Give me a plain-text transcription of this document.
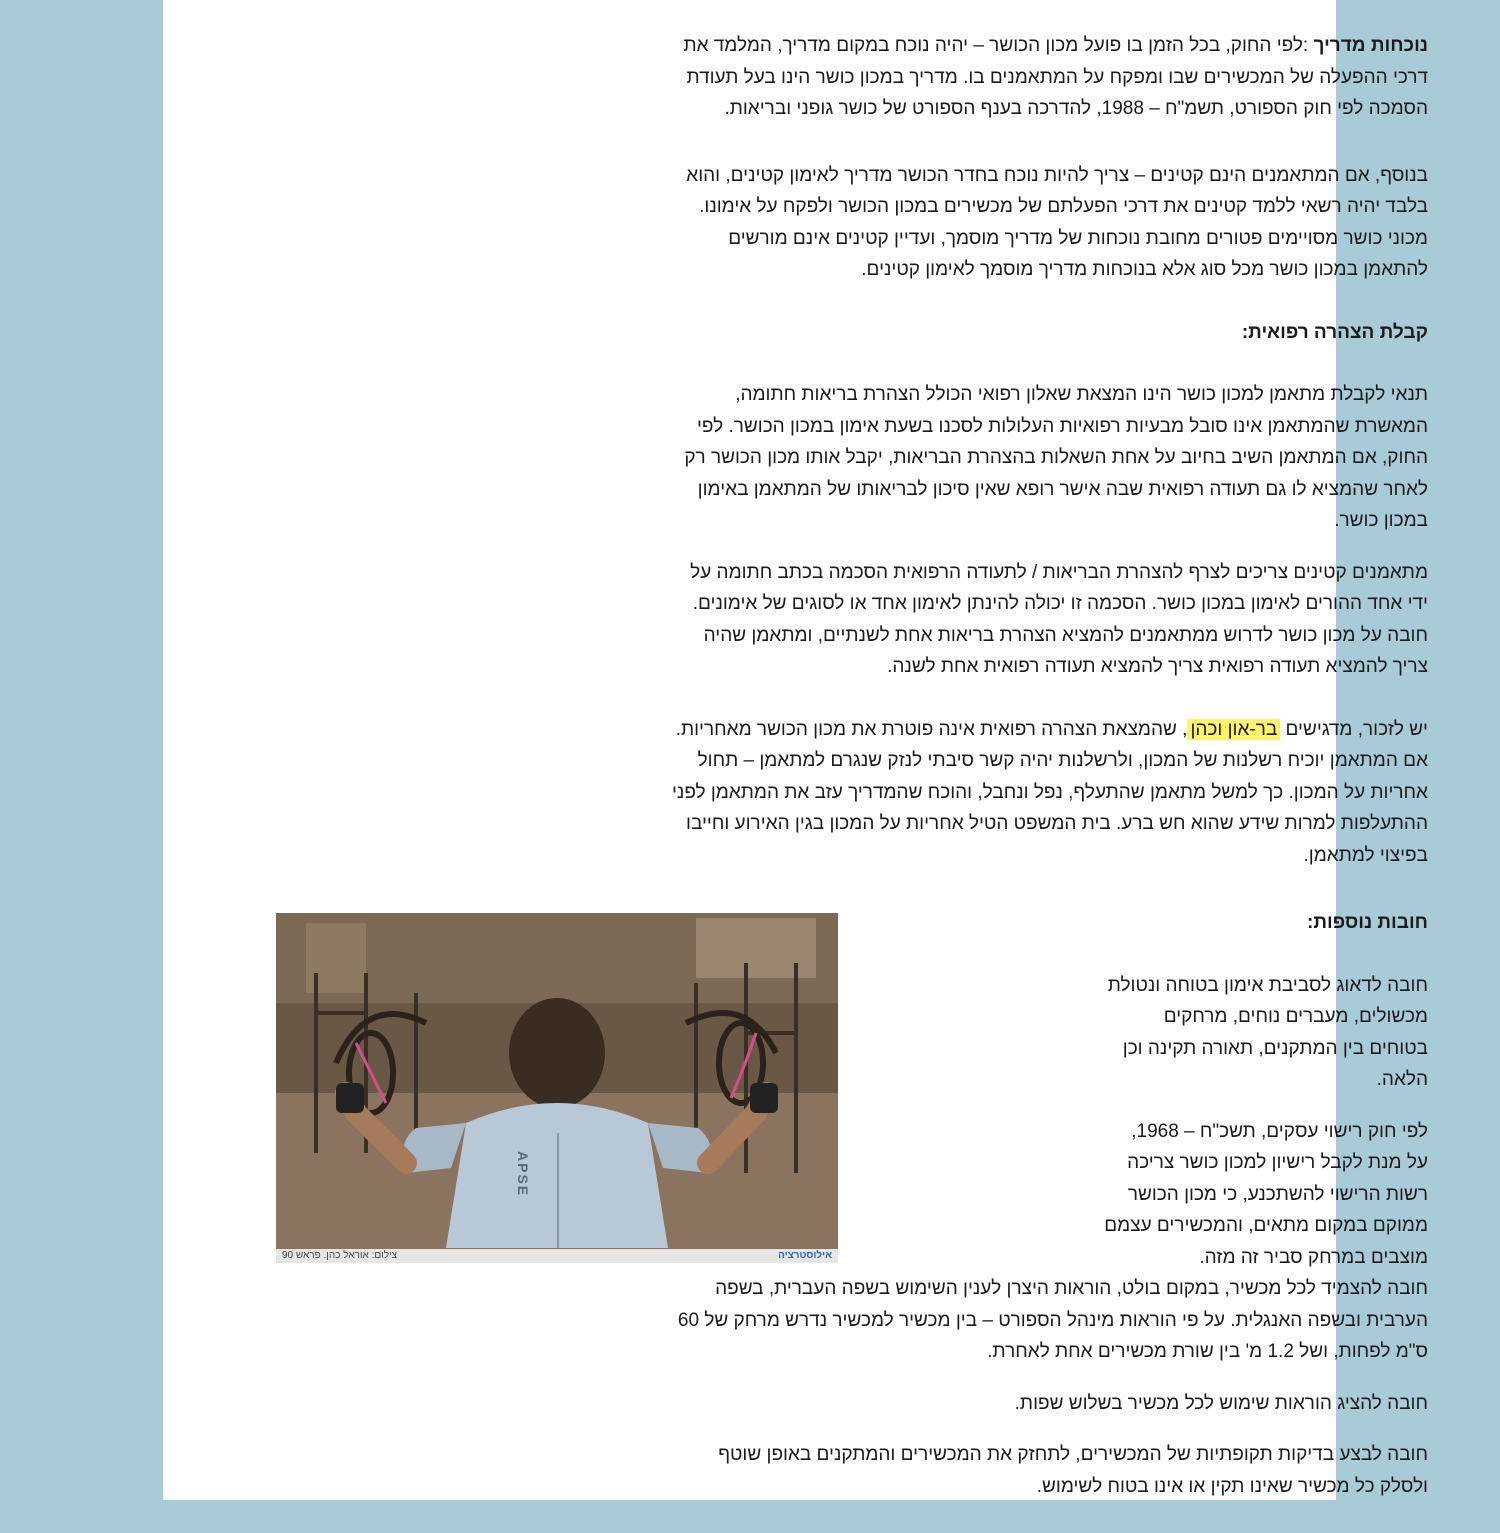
נוכחות מדריך :לפי החוק, בכל הזמן בו פועל מכון הכושר – יהיה נוכח במקום מדריך, המלמד את
דרכי ההפעלה של המכשירים שבו ומפקח על המתאמנים בו. מדריך במכון כושר הינו בעל תעודת
הסמכה לפי חוק הספורט, תשמ"ח – 1988, להדרכה בענף הספורט של כושר גופני ובריאות.

בנוסף, אם המתאמנים הינם קטינים – צריך להיות נוכח בחדר הכושר מדריך לאימון קטינים, והוא
בלבד יהיה רשאי ללמד קטינים את דרכי הפעלתם של מכשירים במכון הכושר ולפקח על אימונו.
מכוני כושר מסויימים פטורים מחובת נוכחות של מדריך מוסמך, ועדיין קטינים אינם מורשים
להתאמן במכון כושר מכל סוג אלא בנוכחות מדריך מוסמך לאימון קטינים.

קבלת הצהרה רפואית:

תנאי לקבלת מתאמן למכון כושר הינו המצאת שאלון רפואי הכולל הצהרת בריאות חתומה,
המאשרת שהמתאמן אינו סובל מבעיות רפואיות העלולות לסכנו בשעת אימון במכון הכושר. לפי
החוק, אם המתאמן השיב בחיוב על אחת השאלות בהצהרת הבריאות, יקבל אותו מכון הכושר רק
לאחר שהמציא לו גם תעודה רפואית שבה אישר רופא שאין סיכון לבריאותו של המתאמן באימון
במכון כושר.

מתאמנים קטינים צריכים לצרף להצהרת הבריאות / לתעודה הרפואית הסכמה בכתב חתומה על
ידי אחד ההורים לאימון במכון כושר. הסכמה זו יכולה להינתן לאימון אחד או לסוגים של אימונים.
חובה על מכון כושר לדרוש ממתאמנים להמציא הצהרת בריאות אחת לשנתיים, ומתאמן שהיה
צריך להמציא תעודה רפואית צריך להמציא תעודה רפואית אחת לשנה.

יש לזכור, מדגישים בר-און וכהן, שהמצאת הצהרה רפואית אינה פוטרת את מכון הכושר מאחריות.
אם המתאמן יוכיח רשלנות של המכון, ולרשלנות יהיה קשר סיבתי לנזק שנגרם למתאמן – תחול
אחריות על המכון. כך למשל מתאמן שהתעלף, נפל ונחבל, והוכח שהמדריך עזב את המתאמן לפני
ההתעלפות למרות שידע שהוא חש ברע. בית המשפט הטיל אחריות על המכון בגין האירוע וחייבו
בפיצוי למתאמן.

APSE
אילוסטרציה
צילום: אוראל כהן. פראש 90

חובות נוספות:

חובה לדאוג לסביבת אימון בטוחה ונטולת
מכשולים, מעברים נוחים, מרחקים
בטוחים בין המתקנים, תאורה תקינה וכן
הלאה.

לפי חוק רישוי עסקים, תשכ"ח – 1968,
על מנת לקבל רישיון למכון כושר צריכה
רשות הרישוי להשתכנע, כי מכון הכושר
ממוקם במקום מתאים, והמכשירים עצמם
מוצבים במרחק סביר זה מזה.

חובה להצמיד לכל מכשיר, במקום בולט, הוראות היצרן לענין השימוש בשפה העברית, בשפה
הערבית ובשפה האנגלית. על פי הוראות מינהל הספורט – בין מכשיר למכשיר נדרש מרחק של 60
ס"מ לפחות, ושל 1.2 מ' בין שורת מכשירים אחת לאחרת.

חובה להציג הוראות שימוש לכל מכשיר בשלוש שפות.

חובה לבצע בדיקות תקופתיות של המכשירים, לתחזק את המכשירים והמתקנים באופן שוטף
ולסלק כל מכשיר שאינו תקין או אינו בטוח לשימוש.
